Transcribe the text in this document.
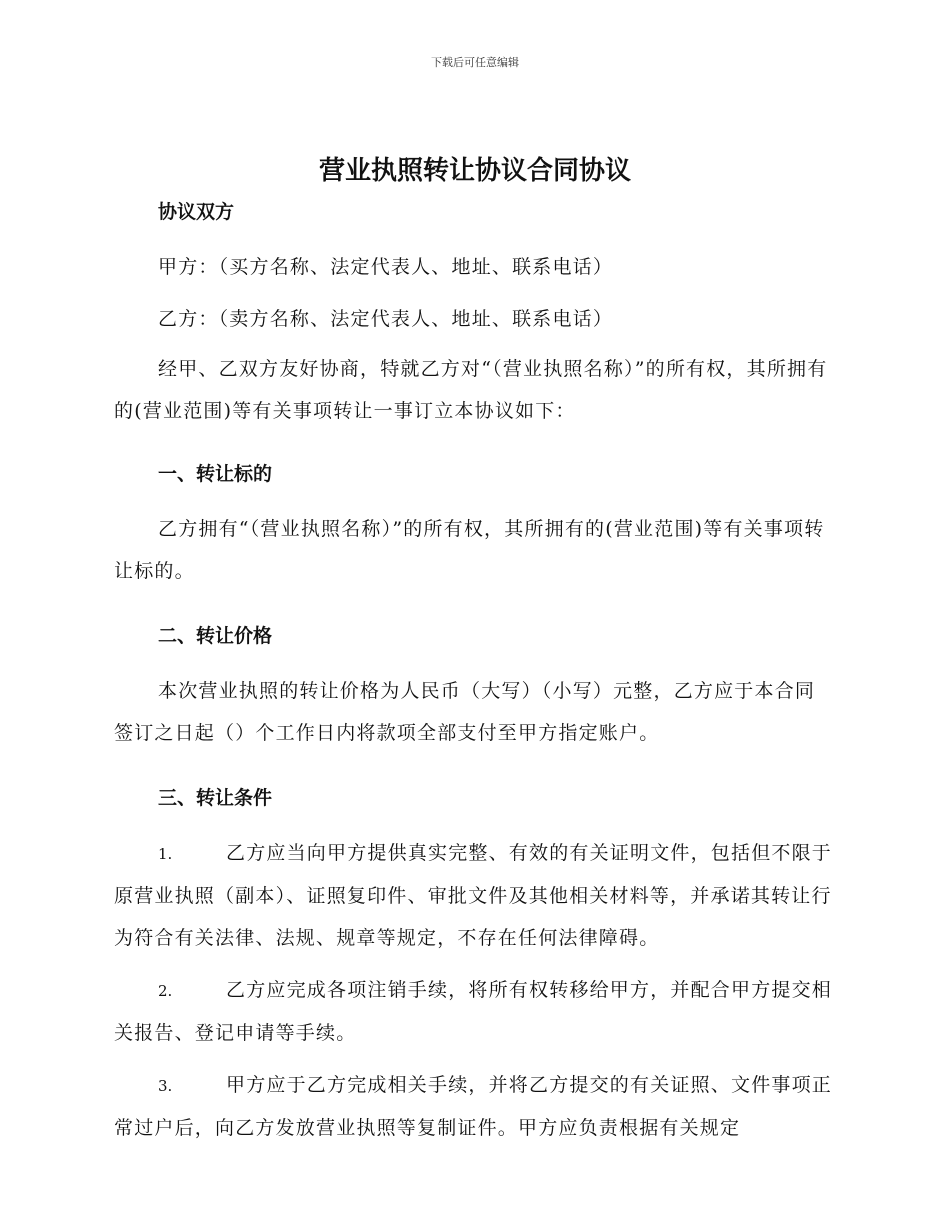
下载后可任意编辑
营业执照转让协议合同协议

协议双方

甲方：（买方名称、法定代表人、地址、联系电话）

乙方：（卖方名称、法定代表人、地址、联系电话）

经甲、乙双方友好协商，特就乙方对“（营业执照名称）”的所有权，其所拥有的(营业范围)等有关事项转让一事订立本协议如下：

一、转让标的

乙方拥有“（营业执照名称）”的所有权，其所拥有的(营业范围)等有关事项转让标的。

二、转让价格

本次营业执照的转让价格为人民币（大写）（小写）元整，乙方应于本合同签订之日起（）个工作日内将款项全部支付至甲方指定账户。

三、转让条件

1.	乙方应当向甲方提供真实完整、有效的有关证明文件，包括但不限于原营业执照（副本）、证照复印件、审批文件及其他相关材料等，并承诺其转让行为符合有关法律、法规、规章等规定，不存在任何法律障碍。

2.	乙方应完成各项注销手续，将所有权转移给甲方，并配合甲方提交相关报告、登记申请等手续。

3.	甲方应于乙方完成相关手续，并将乙方提交的有关证照、文件事项正常过户后，向乙方发放营业执照等复制证件。甲方应负责根据有关规定
